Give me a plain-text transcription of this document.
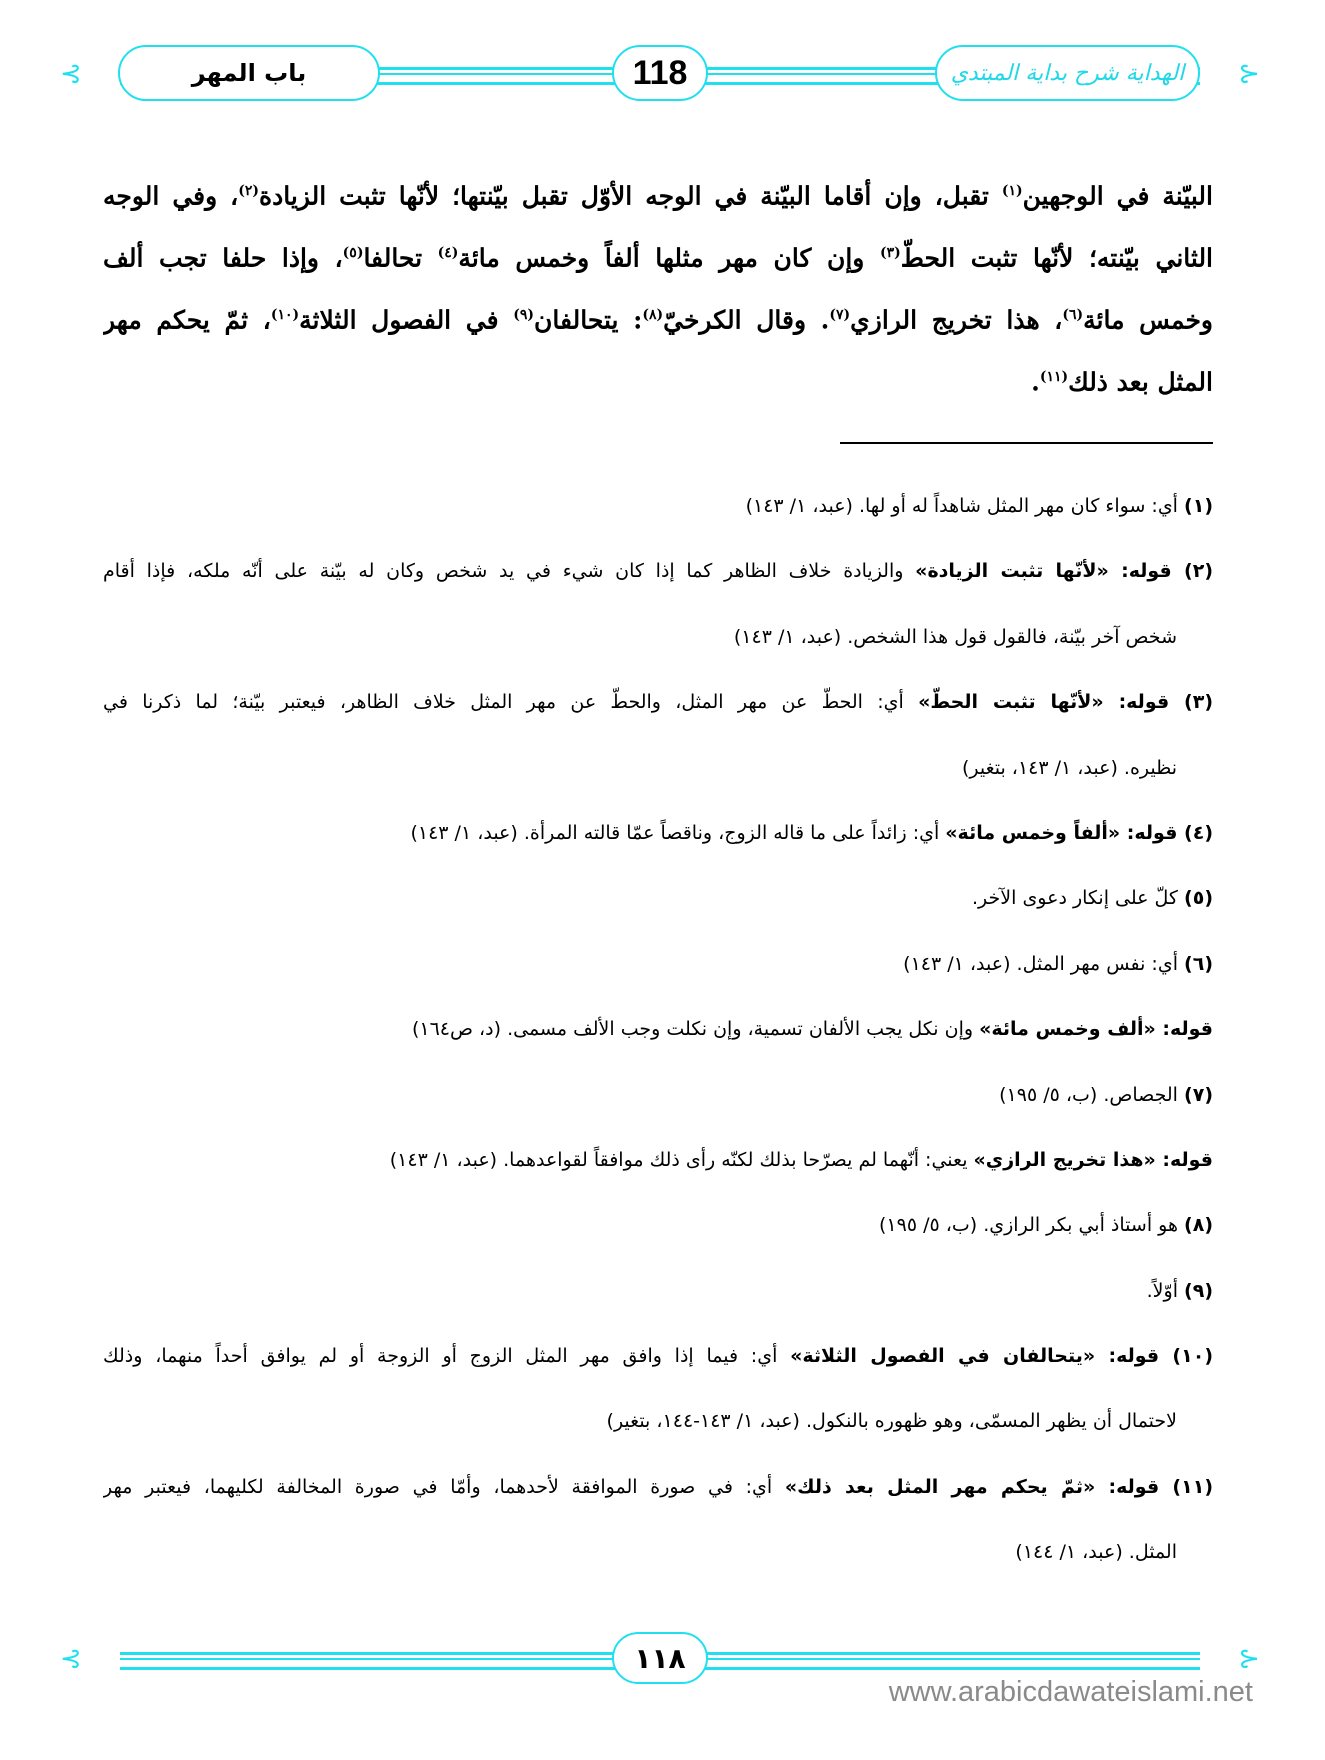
⊰	⊱
باب المهر	118	الهداية شرح بداية المبتدي
البيّنة في الوجهين$^{(١)}$ تقبل، وإن أقاما البيّنة في الوجه الأوّل تقبل بيّنتها؛ لأنّها تثبت الزيادة$^{(٢)}$، وفي الوجه
الثاني بيّنته؛ لأنّها تثبت الحطّ$^{(٣)}$ وإن كان مهر مثلها ألفاً وخمس مائة$^{(٤)}$ تحالفا$^{(٥)}$، وإذا حلفا تجب ألف
وخمس مائة$^{(٦)}$، هذا تخريج الرازي$^{(٧)}$. وقال الكرخيّ$^{(٨)}$: يتحالفان$^{(٩)}$ في الفصول الثلاثة$^{(١٠)}$، ثمّ يحكم مهر
المثل بعد ذلك$^{(١١)}$.
(١) أي: سواء كان مهر المثل شاهداً له أو لها. (عبد، ١/ ١٤٣)
(٢) قوله: «لأنّها تثبت الزيادة» والزيادة خلاف الظاهر كما إذا كان شيء في يد شخص وكان له بيّنة على أنّه ملكه، فإذا أقام
شخص آخر بيّنة، فالقول قول هذا الشخص. (عبد، ١/ ١٤٣)
(٣) قوله: «لأنّها تثبت الحطّ» أي: الحطّ عن مهر المثل، والحطّ عن مهر المثل خلاف الظاهر، فيعتبر بيّنة؛ لما ذكرنا في
نظيره. (عبد، ١/ ١٤٣، بتغير)
(٤) قوله: «ألفاً وخمس مائة» أي: زائداً على ما قاله الزوج، وناقصاً عمّا قالته المرأة. (عبد، ١/ ١٤٣)
(٥) كلّ على إنكار دعوى الآخر.
(٦) أي: نفس مهر المثل. (عبد، ١/ ١٤٣)
قوله: «ألف وخمس مائة» وإن نكل يجب الألفان تسمية، وإن نكلت وجب الألف مسمى. (د، ص١٦٤)
(٧) الجصاص. (ب، ٥/ ١٩٥)
قوله: «هذا تخريج الرازي» يعني: أنّهما لم يصرّحا بذلك لكنّه رأى ذلك موافقاً لقواعدهما. (عبد، ١/ ١٤٣)
(٨) هو أستاذ أبي بكر الرازي. (ب، ٥/ ١٩٥)
(٩) أوّلاً.
(١٠) قوله: «يتحالفان في الفصول الثلاثة» أي: فيما إذا وافق مهر المثل الزوج أو الزوجة أو لم يوافق أحداً منهما، وذلك
لاحتمال أن يظهر المسمّى، وهو ظهوره بالنكول. (عبد، ١/ ١٤٣-١٤٤، بتغير)
(١١) قوله: «ثمّ يحكم مهر المثل بعد ذلك» أي: في صورة الموافقة لأحدهما، وأمّا في صورة المخالفة لكليهما، فيعتبر مهر
المثل. (عبد، ١/ ١٤٤)
⊰	⊱
١١٨
www.arabicdawateislami.net
